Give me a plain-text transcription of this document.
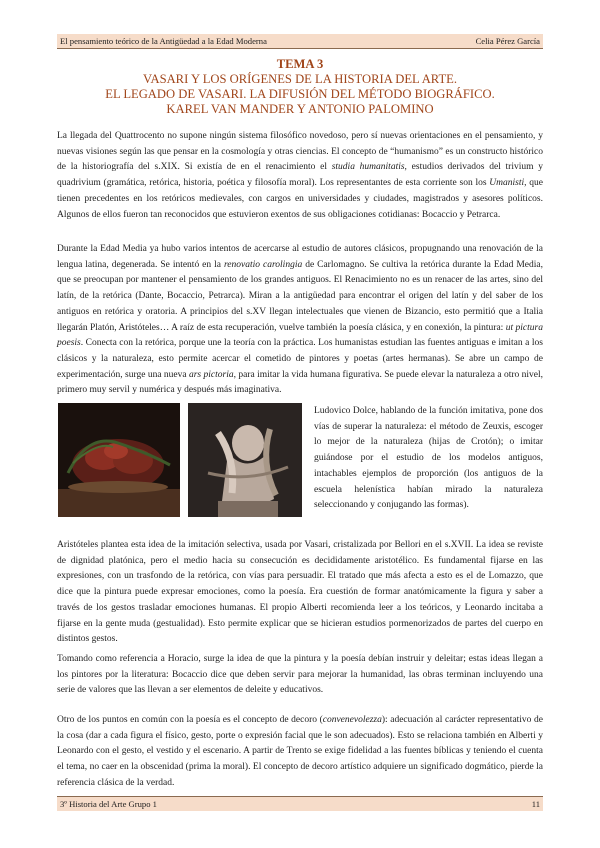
El pensamiento teórico de la Antigüedad a la Edad Moderna	Celia Pérez García
TEMA 3
VASARI Y LOS ORÍGENES DE LA HISTORIA DEL ARTE.
EL LEGADO DE VASARI. LA DIFUSIÓN DEL MÉTODO BIOGRÁFICO.
KAREL VAN MANDER Y ANTONIO PALOMINO

La llegada del Quattrocento no supone ningún sistema filosófico novedoso, pero sí nuevas orientaciones en el pensamiento, y nuevas visiones según las que pensar en la cosmología y otras ciencias. El concepto de “humanismo” es un constructo histórico de la historiografía del s.XIX. Si existía de en el renacimiento el studia humanitatis, estudios derivados del trivium y quadrivium (gramática, retórica, historia, poética y filosofía moral). Los representantes de esta corriente son los Umanisti, que tienen precedentes en los retóricos medievales, con cargos en universidades y ciudades, magistrados y asesores políticos. Algunos de ellos fueron tan reconocidos que estuvieron exentos de sus obligaciones cotidianas: Bocaccio y Petrarca.

Durante la Edad Media ya hubo varios intentos de acercarse al estudio de autores clásicos, propugnando una renovación de la lengua latina, degenerada. Se intentó en la renovatio carolingia de Carlomagno. Se cultiva la retórica durante la Edad Media, que se preocupan por mantener el pensamiento de los grandes antiguos. El Renacimiento no es un renacer de las artes, sino del latín, de la retórica (Dante, Bocaccio, Petrarca). Miran a la antigüedad para encontrar el origen del latín y del saber de los antiguos en retórica y oratoria. A principios del s.XV llegan intelectuales que vienen de Bizancio, esto permitió que a Italia llegarán Platón, Aristóteles… A raíz de esta recuperación, vuelve también la poesía clásica, y en conexión, la pintura: ut pictura poesis. Conecta con la retórica, porque une la teoría con la práctica. Los humanistas estudian las fuentes antiguas e imitan a los clásicos y la naturaleza, esto permite acercar el cometido de pintores y poetas (artes hermanas). Se abre un campo de experimentación, surge una nueva ars pictoria, para imitar la vida humana figurativa. Se puede elevar la naturaleza a otro nivel, primero muy servil y numérica y después más imaginativa.

Ludovico Dolce, hablando de la función imitativa, pone dos vías de superar la naturaleza: el método de Zeuxis, escoger lo mejor de la naturaleza (hijas de Crotón); o imitar guiándose por el estudio de los modelos antiguos, intachables ejemplos de proporción (los antiguos de la escuela helenística habían mirado la naturaleza seleccionando y conjugando las formas).

Aristóteles plantea esta idea de la imitación selectiva, usada por Vasari, cristalizada por Bellori en el s.XVII. La idea se reviste de dignidad platónica, pero el medio hacia su consecución es decididamente aristotélico. Es fundamental fijarse en las expresiones, con un trasfondo de la retórica, con vías para persuadir. El tratado que más afecta a esto es el de Lomazzo, que dice que la pintura puede expresar emociones, como la poesía. Era cuestión de formar anatómicamente la figura y saber a través de los gestos trasladar emociones humanas. El propio Alberti recomienda leer a los teóricos, y Leonardo incitaba a fijarse en la gente muda (gestualidad). Esto permite explicar que se hicieran estudios pormenorizados de partes del cuerpo en distintos gestos.

Tomando como referencia a Horacio, surge la idea de que la pintura y la poesía debían instruir y deleitar; estas ideas llegan a los pintores por la literatura: Bocaccio dice que deben servir para mejorar la humanidad, las obras terminan incluyendo una serie de valores que las llevan a ser elementos de deleite y educativos.

Otro de los puntos en común con la poesía es el concepto de decoro (convenevolezza): adecuación al carácter representativo de la cosa (dar a cada figura el físico, gesto, porte o expresión facial que le son adecuados). Esto se relaciona también en Alberti y Leonardo con el gesto, el vestido y el escenario. A partir de Trento se exige fidelidad a las fuentes bíblicas y teniendo el cuenta el tema, no caer en la obscenidad (prima la moral). El concepto de decoro artístico adquiere un significado dogmático, pierde la referencia clásica de la verdad.

3º Historia del Arte Grupo 1	11
